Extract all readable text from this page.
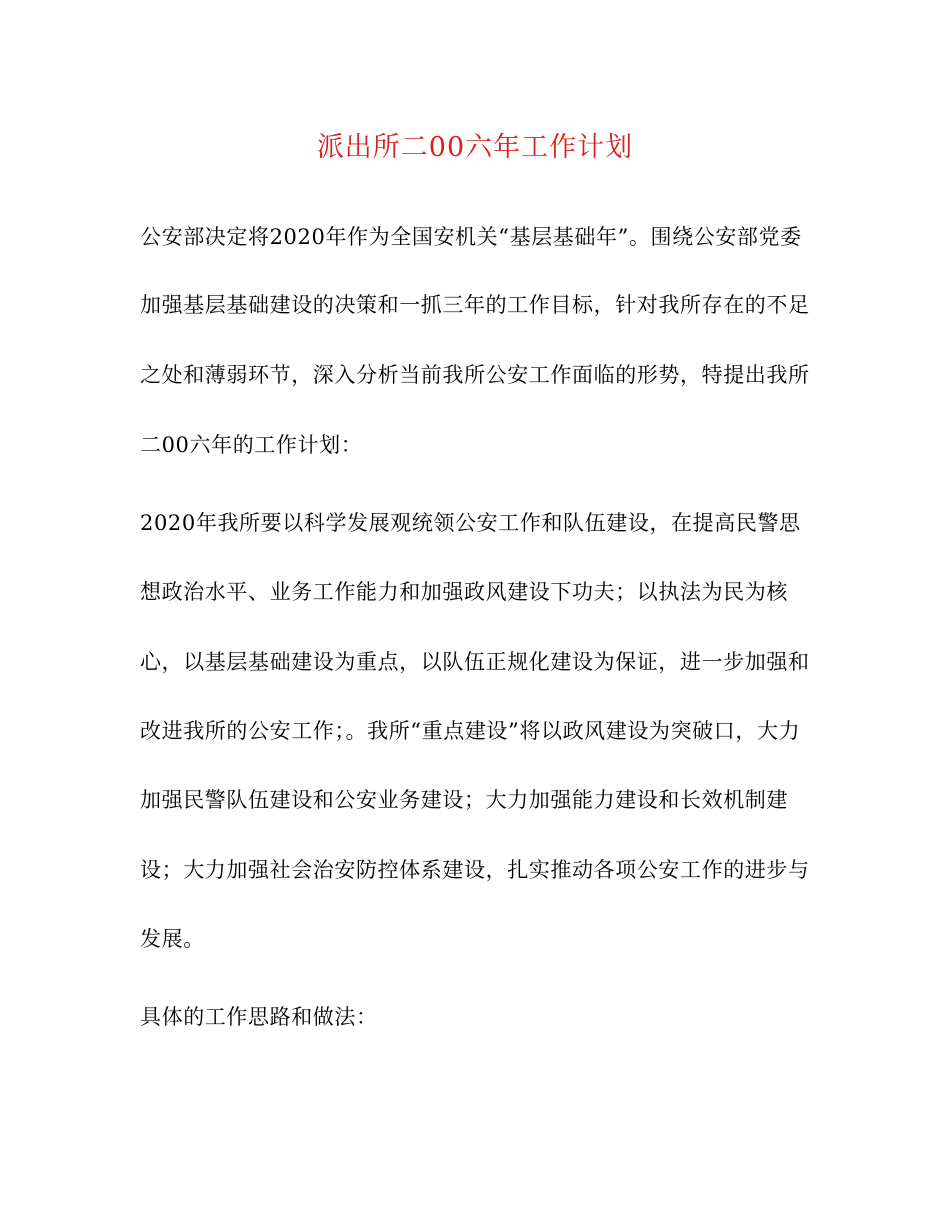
派出所二00六年工作计划
公安部决定将2020年作为全国安机关“基层基础年”。围绕公安部党委
加强基层基础建设的决策和一抓三年的工作目标，针对我所存在的不足
之处和薄弱环节，深入分析当前我所公安工作面临的形势，特提出我所
二00六年的工作计划：
2020年我所要以科学发展观统领公安工作和队伍建设，在提高民警思
想政治水平、业务工作能力和加强政风建设下功夫；以执法为民为核
心，以基层基础建设为重点，以队伍正规化建设为保证，进一步加强和
改进我所的公安工作；。我所“重点建设”将以政风建设为突破口，大力
加强民警队伍建设和公安业务建设；大力加强能力建设和长效机制建
设；大力加强社会治安防控体系建设，扎实推动各项公安工作的进步与
发展。
具体的工作思路和做法：
